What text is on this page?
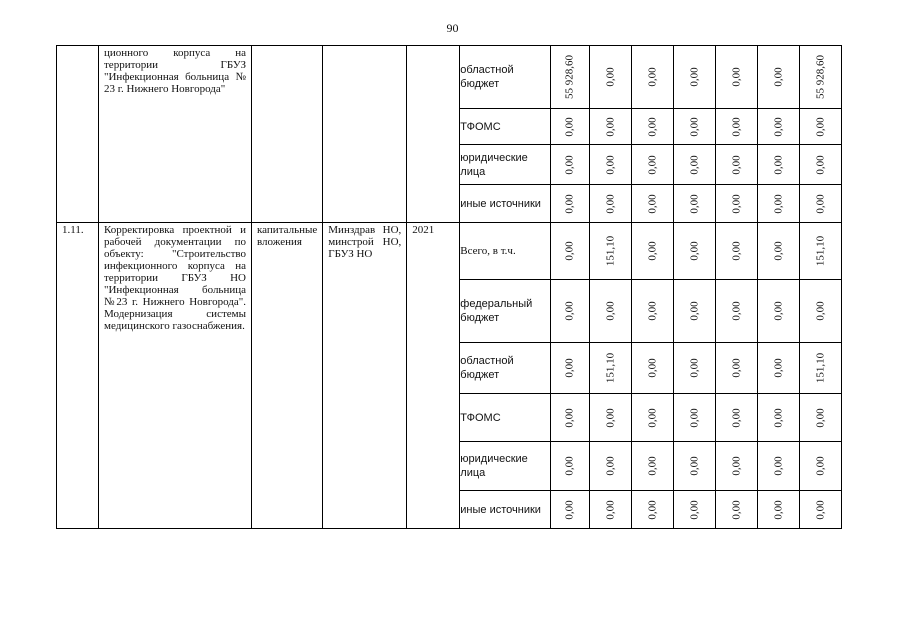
90

	ционного корпуса на территории ГБУЗ "Инфекционная больница № 23 г. Нижнего Новгорода"				областной бюджет	55 928,60	0,00	0,00	0,00	0,00	0,00	55 928,60

					ТФОМС	0,00	0,00	0,00	0,00	0,00	0,00	0,00

					юридические лица	0,00	0,00	0,00	0,00	0,00	0,00	0,00

					иные источники	0,00	0,00	0,00	0,00	0,00	0,00	0,00

1.11.	Корректировка проектной и рабочей документации по объекту: "Строительство инфекционного корпуса на территории ГБУЗ НО "Инфекционная больница №23 г. Нижнего Новгорода". Модернизация системы медицинского газоснабжения.	капитальные вложения	Минздрав НО, минстрой НО, ГБУЗ НО	2021	Всего, в т.ч.	0,00	151,10	0,00	0,00	0,00	0,00	151,10

					федеральный бюджет	0,00	0,00	0,00	0,00	0,00	0,00	0,00

					областной бюджет	0,00	151,10	0,00	0,00	0,00	0,00	151,10

					ТФОМС	0,00	0,00	0,00	0,00	0,00	0,00	0,00

					юридические лица	0,00	0,00	0,00	0,00	0,00	0,00	0,00

					иные источники	0,00	0,00	0,00	0,00	0,00	0,00	0,00
